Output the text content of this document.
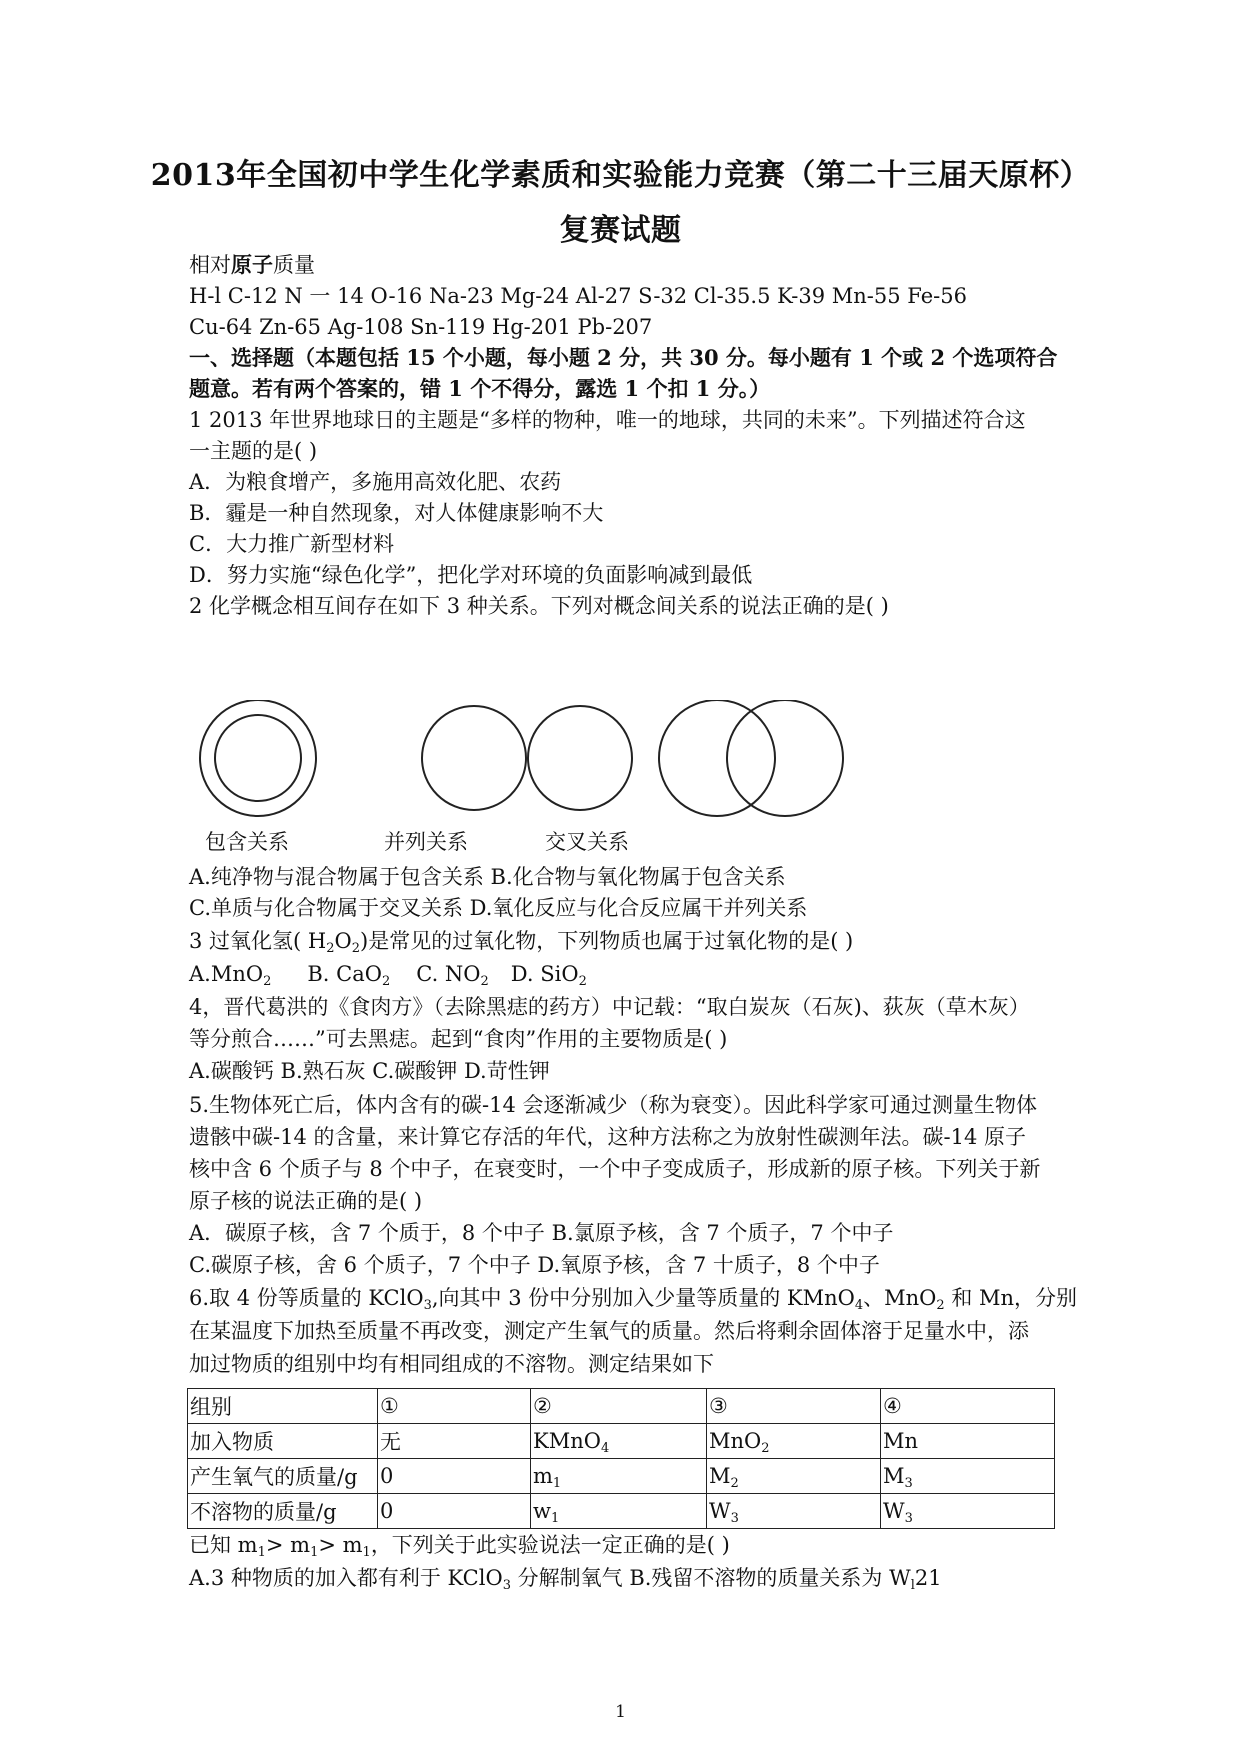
2013年全国初中学生化学素质和实验能力竞赛（第二十三届天原杯）
复赛试题
相对原子质量
H-l C-12 N 一 14 O-16 Na-23 Mg-24 Al-27 S-32 Cl-35.5 K-39 Mn-55 Fe-56
Cu-64 Zn-65 Ag-108 Sn-119 Hg-201 Pb-207
一、选择题（本题包括 15 个小题，每小题 2 分，共 30 分。每小题有 1 个或 2 个选项符合
题意。若有两个答案的，错 1 个不得分，露选 1 个扣 1 分。）
1 2013 年世界地球日的主题是“多样的物种，唯一的地球，共同的未来”。下列描述符合这
一主题的是( )
A．为粮食增产，多施用高效化肥、农药
B．霾是一种自然现象，对人体健康影响不大
C．大力推广新型材料
D．努力实施“绿色化学”，把化学对环境的负面影响减到最低
2 化学概念相互间存在如下 3 种关系。下列对概念间关系的说法正确的是( )
包含关系	并列关系	交叉关系
A.纯净物与混合物属于包含关系 B.化合物与氧化物属于包含关系
C.单质与化合物属于交叉关系 D.氧化反应与化合反应属干并列关系
3 过氧化氢( $H_2O_2$)是常见的过氧化物，下列物质也属于过氧化物的是( )
A.MnO$_2$ B. CaO$_2$ C. $NO_2$ D. SiO$_2$
4，晋代葛洪的《食肉方》（去除黑痣的药方）中记载：“取白炭灰（石灰)、荻灰（草木灰）
等分煎合……”可去黑痣。起到“食肉”作用的主要物质是( )
A.碳酸钙 B.熟石灰 C.碳酸钾 D.苛性钾
5.生物体死亡后，体内含有的碳-14 会逐渐减少（称为衰变）。因此科学家可通过测量生物体
遗骸中碳-14 的含量，来计算它存活的年代，这种方法称之为放射性碳测年法。碳-14 原子
核中含 6 个质子与 8 个中子，在衰变时，一个中子变成质子，形成新的原子核。下列关于新
原子核的说法正确的是( )
A．碳原子核，含 7 个质于，8 个中子 B.氯原予核，含 7 个质子，7 个中子
C.碳原子核，舍 6 个质子，7 个中子 D.氧原予核，含 7 十质子，8 个中子
6.取 4 份等质量的 KClO$_3$,向其中 3 份中分别加入少量等质量的 KMnO$_4$、MnO$_2$ 和 Mn，分别
在某温度下加热至质量不再改变，测定产生氧气的质量。然后将剩余固体溶于足量水中，添
加过物质的组别中均有相同组成的不溶物。测定结果如下
组别	①	②	③	④
加入物质	无	KMnO$_4$	MnO$_2$	Mn
产生氧气的质量/g	0	$m_1$	$M_2$	$M_3$
不溶物的质量/g	0	$w_1$	$W_3$	$W_3$
已知 $m_1> m_1> m_1$，下列关于此实验说法一定正确的是( )
A.3 种物质的加入都有利于 KClO$_3$ 分解制氧气 B.残留不溶物的质量关系为 $W_l21$
1
